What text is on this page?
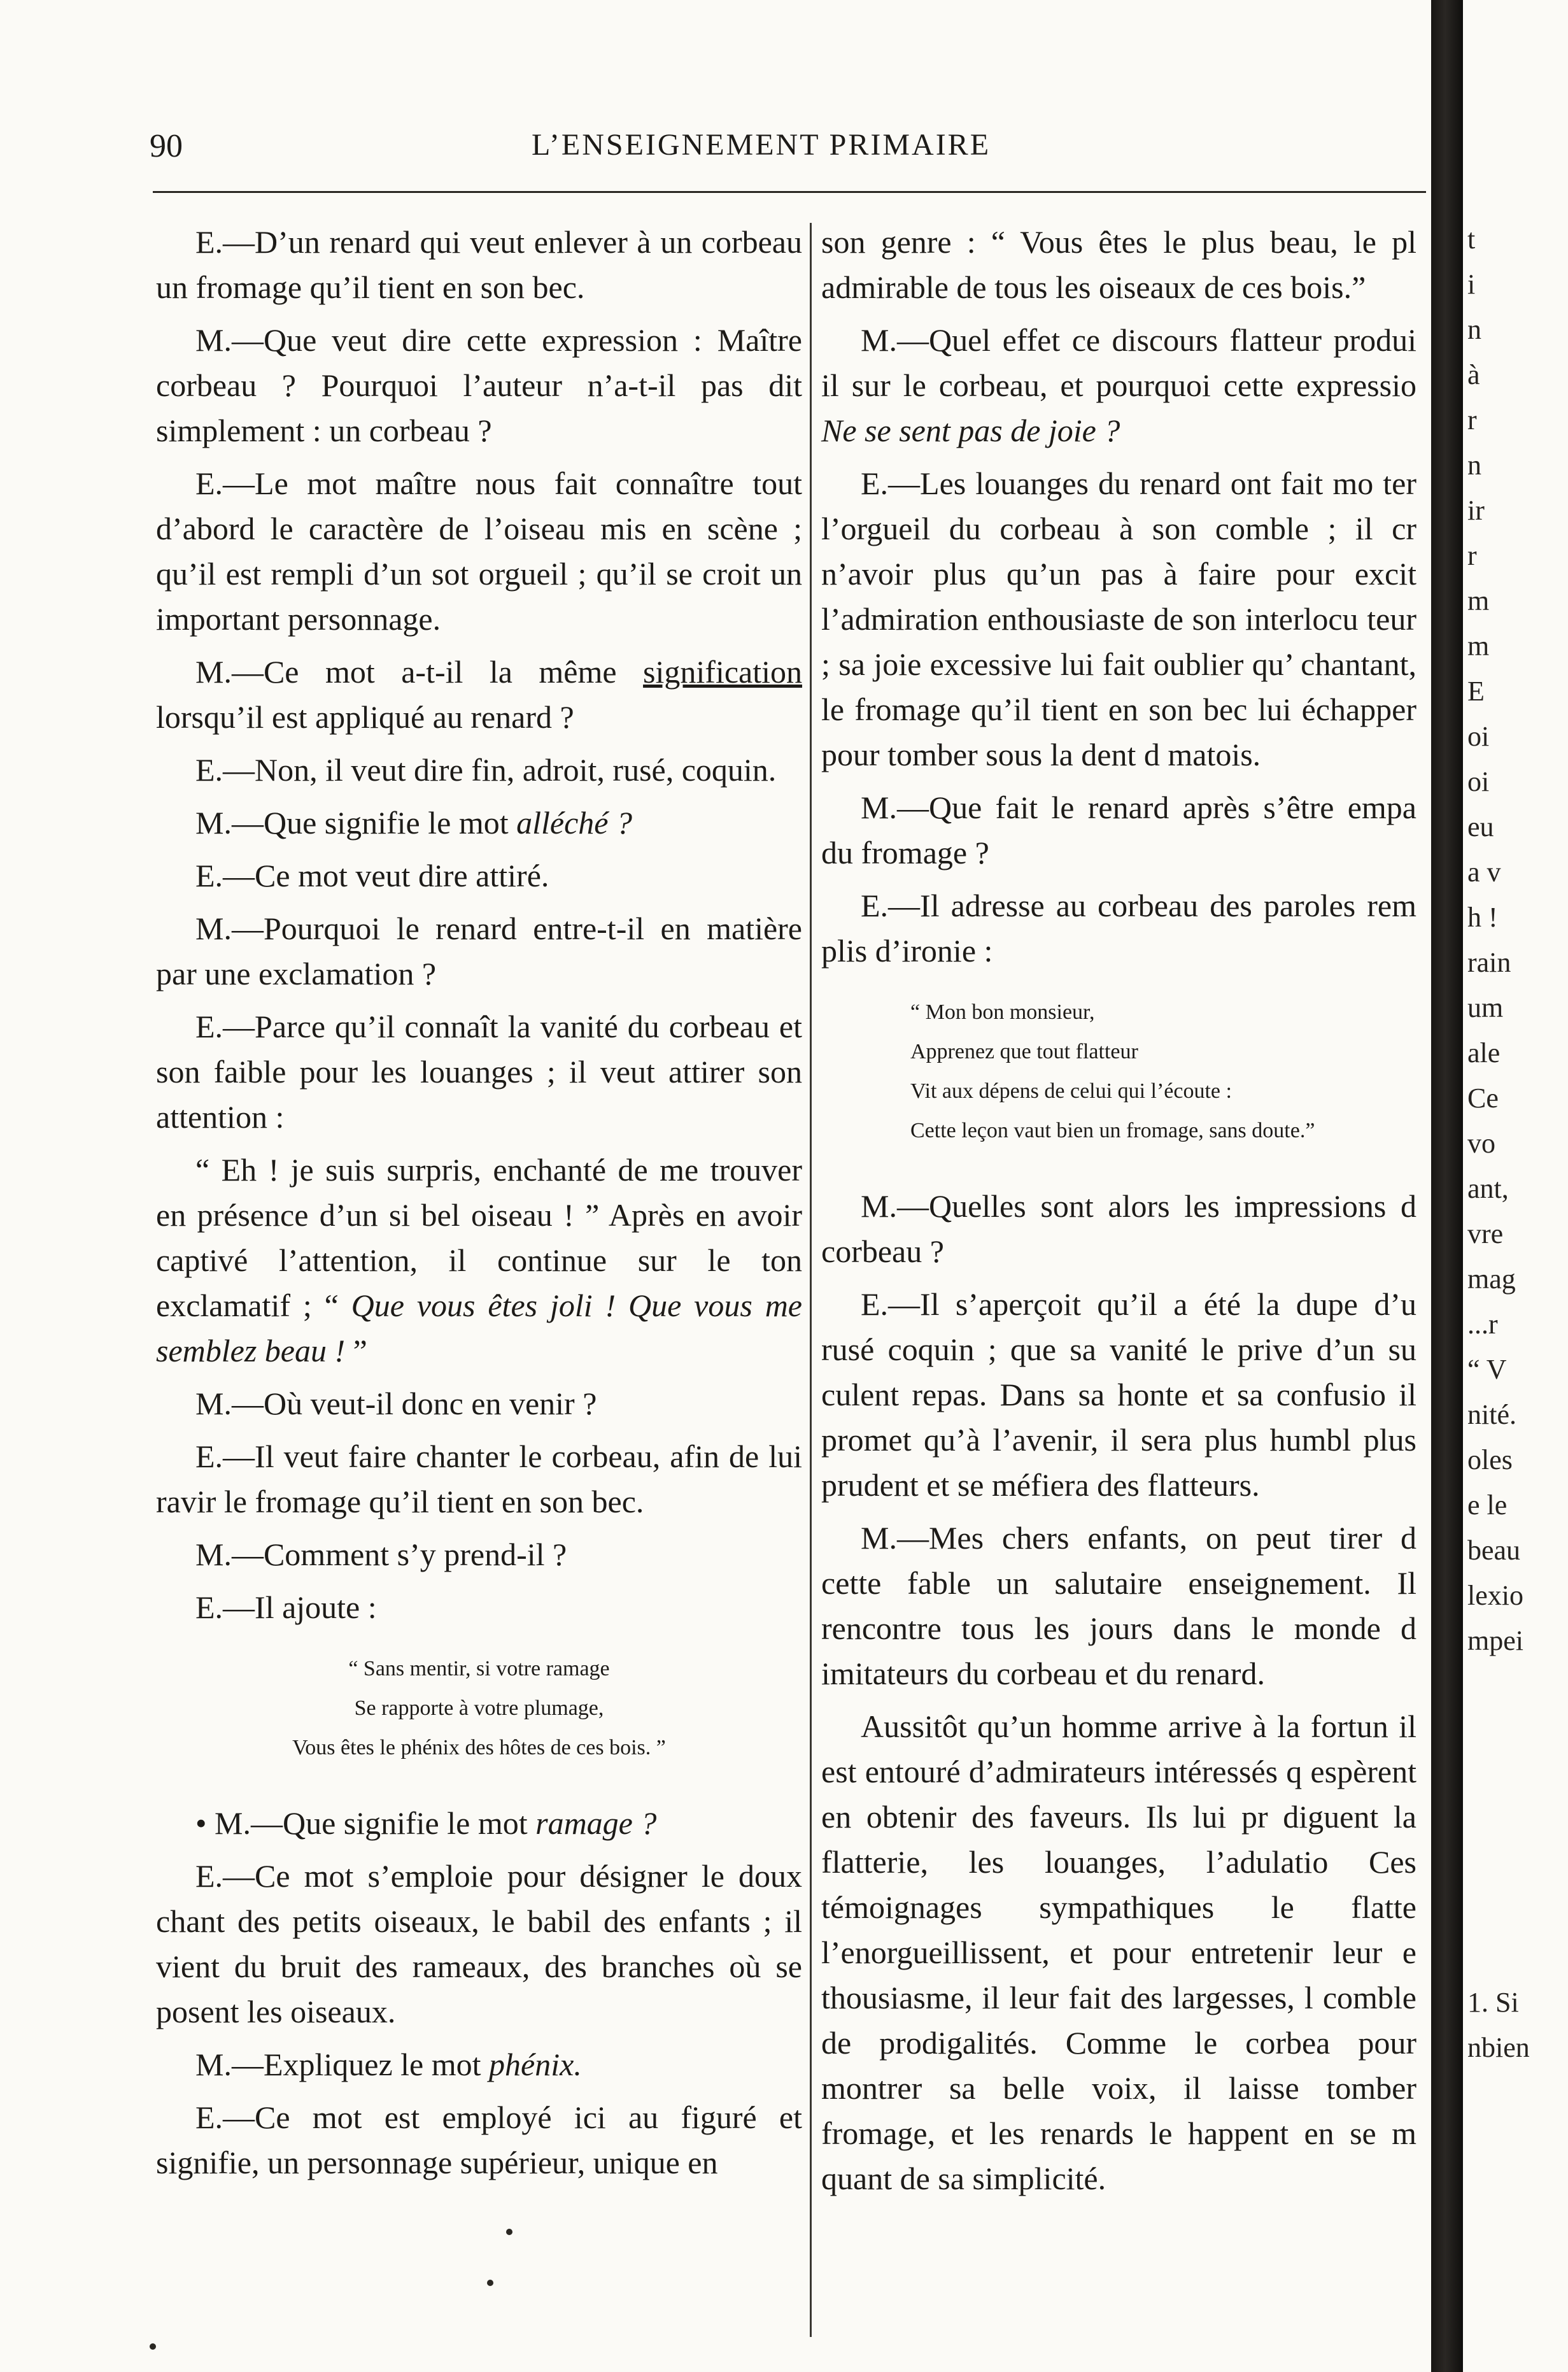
90	L’ENSEIGNEMENT PRIMAIRE

E.—D’un renard qui veut enlever à un corbeau un fromage qu’il tient en son bec.

M.—Que veut dire cette expression : Maître corbeau ? Pourquoi l’auteur n’a-t-il pas dit simplement : un corbeau ?

E.—Le mot maître nous fait connaître tout d’abord le caractère de l’oiseau mis en scène ; qu’il est rempli d’un sot orgueil ; qu’il se croit un important personnage.

M.—Ce mot a-t-il la même signification lorsqu’il est appliqué au renard ?

E.—Non, il veut dire fin, adroit, rusé, coquin.

M.—Que signifie le mot alléché ?

E.—Ce mot veut dire attiré.

M.—Pourquoi le renard entre-t-il en matière par une exclamation ?

E.—Parce qu’il connaît la vanité du corbeau et son faible pour les louanges ; il veut attirer son attention :

“ Eh ! je suis surpris, enchanté de me trouver en présence d’un si bel oiseau ! ” Après en avoir captivé l’attention, il continue sur le ton exclamatif ; “ Que vous êtes joli ! Que vous me semblez beau ! ”

M.—Où veut-il donc en venir ?

E.—Il veut faire chanter le corbeau, afin de lui ravir le fromage qu’il tient en son bec.

M.—Comment s’y prend-il ?

E.—Il ajoute :

“ Sans mentir, si votre ramage
Se rapporte à votre plumage,
Vous êtes le phénix des hôtes de ces bois. ”

• M.—Que signifie le mot ramage ?

E.—Ce mot s’emploie pour désigner le doux chant des petits oiseaux, le babil des enfants ; il vient du bruit des rameaux, des branches où se posent les oiseaux.

M.—Expliquez le mot phénix.

E.—Ce mot est employé ici au figuré et signifie, un personnage supérieur, unique en

son genre : “ Vous êtes le plus beau, le pl admirable de tous les oiseaux de ces bois.”

M.—Quel effet ce discours flatteur produi il sur le corbeau, et pourquoi cette expressio Ne se sent pas de joie ?

E.—Les louanges du renard ont fait mo ter l’orgueil du corbeau à son comble ; il cr n’avoir plus qu’un pas à faire pour excit l’admiration enthousiaste de son interlocu teur ; sa joie excessive lui fait oublier qu’ chantant, le fromage qu’il tient en son bec lui échapper pour tomber sous la dent d matois.

M.—Que fait le renard après s’être empa du fromage ?

E.—Il adresse au corbeau des paroles rem plis d’ironie :

“ Mon bon monsieur,
Apprenez que tout flatteur
Vit aux dépens de celui qui l’écoute :
Cette leçon vaut bien un fromage, sans doute.”

M.—Quelles sont alors les impressions d corbeau ?

E.—Il s’aperçoit qu’il a été la dupe d’u rusé coquin ; que sa vanité le prive d’un su culent repas. Dans sa honte et sa confusio il promet qu’à l’avenir, il sera plus humbl plus prudent et se méfiera des flatteurs.

M.—Mes chers enfants, on peut tirer d cette fable un salutaire enseignement. Il rencontre tous les jours dans le monde d imitateurs du corbeau et du renard.

Aussitôt qu’un homme arrive à la fortun il est entouré d’admirateurs intéressés q espèrent en obtenir des faveurs. Ils lui pr diguent la flatterie, les louanges, l’adulatio Ces témoignages sympathiques le flatte l’enorgueillissent, et pour entretenir leur e thousiasme, il leur fait des largesses, l comble de prodigalités. Comme le corbea pour montrer sa belle voix, il laisse tomber fromage, et les renards le happent en se m quant de sa simplicité.

t
i
n
à
r
n
ir
r
m
m
E
oi
oi
eu
a v
h !
rain
um
ale
Ce
vo
ant,
vre
mag
...r
“ V
nité.
oles
e le
beau
lexio
mpei

1. Si
nbien
